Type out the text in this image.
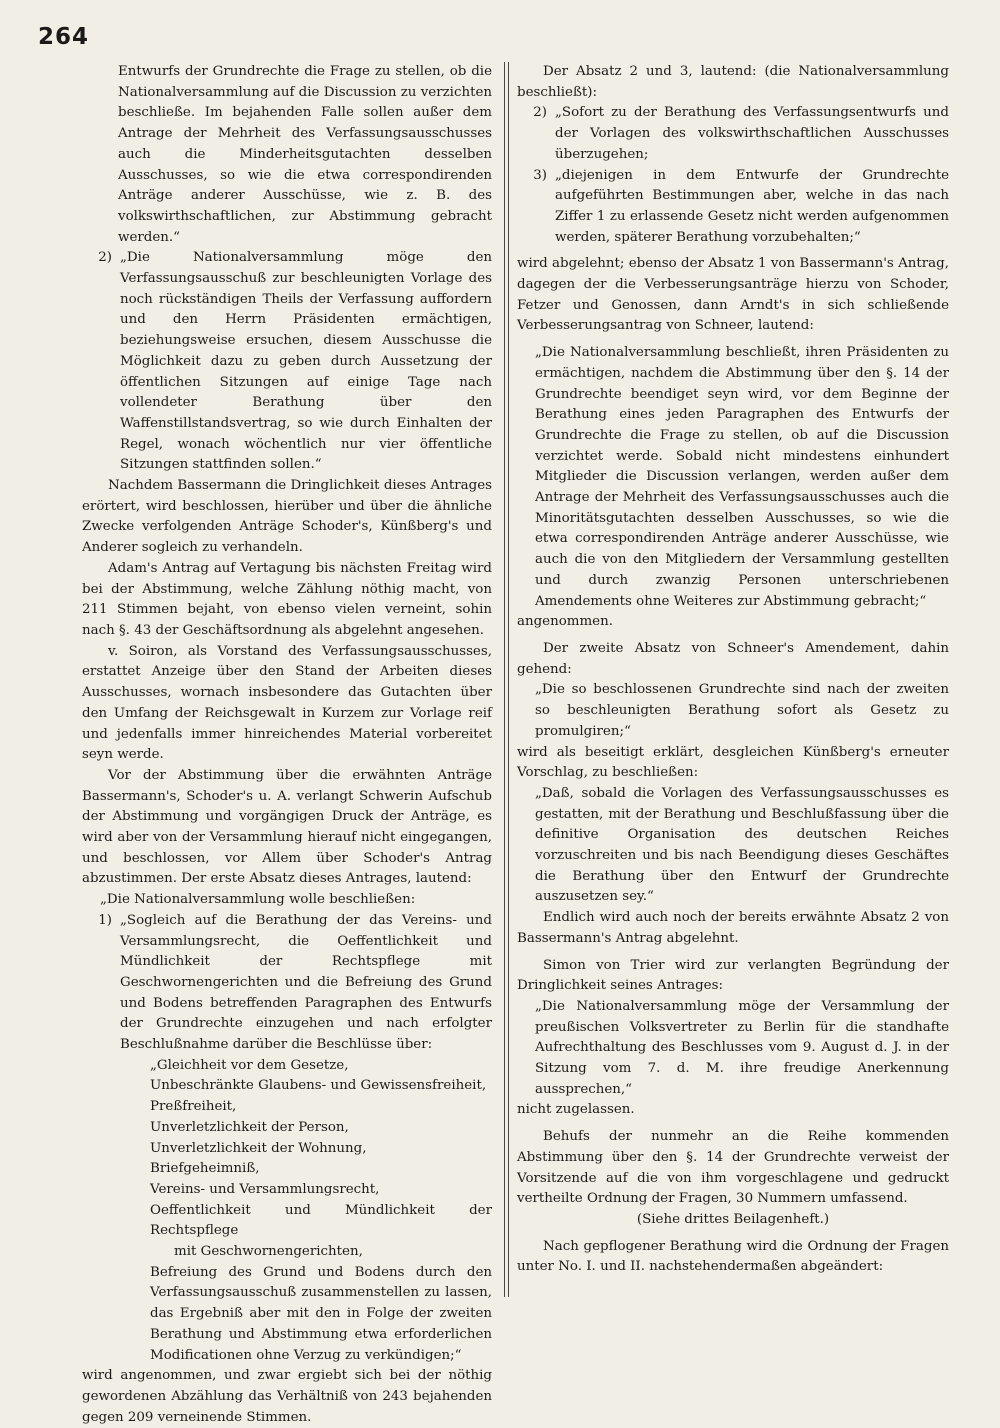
264

Entwurfs der Grundrechte die Frage zu stellen, ob die Nationalversammlung auf die Discussion zu verzichten beschließe. Im bejahenden Falle sollen außer dem Antrage der Mehrheit des Verfassungsausschusses auch die Minderheitsgutachten desselben Ausschusses, so wie die etwa correspondirenden Anträge anderer Ausschüsse, wie z. B. des volkswirthschaftlichen, zur Abstimmung gebracht werden.“

2) „Die Nationalversammlung möge den Verfassungsausschuß zur beschleunigten Vorlage des noch rückständigen Theils der Verfassung auffordern und den Herrn Präsidenten ermächtigen, beziehungsweise ersuchen, diesem Ausschusse die Möglichkeit dazu zu geben durch Aussetzung der öffentlichen Sitzungen auf einige Tage nach vollendeter Berathung über den Waffenstillstandsvertrag, so wie durch Einhalten der Regel, wonach wöchentlich nur vier öffentliche Sitzungen stattfinden sollen.“

Nachdem Bassermann die Dringlichkeit dieses Antrages erörtert, wird beschlossen, hierüber und über die ähnliche Zwecke verfolgenden Anträge Schoder's, Künßberg's und Anderer sogleich zu verhandeln.

Adam's Antrag auf Vertagung bis nächsten Freitag wird bei der Abstimmung, welche Zählung nöthig macht, von 211 Stimmen bejaht, von ebenso vielen verneint, sohin nach §. 43 der Geschäftsordnung als abgelehnt angesehen.

v. Soiron, als Vorstand des Verfassungsausschusses, erstattet Anzeige über den Stand der Arbeiten dieses Ausschusses, wornach insbesondere das Gutachten über den Umfang der Reichsgewalt in Kurzem zur Vorlage reif und jedenfalls immer hinreichendes Material vorbereitet seyn werde.

Vor der Abstimmung über die erwähnten Anträge Bassermann's, Schoder's u. A. verlangt Schwerin Aufschub der Abstimmung und vorgängigen Druck der Anträge, es wird aber von der Versammlung hierauf nicht eingegangen, und beschlossen, vor Allem über Schoder's Antrag abzustimmen. Der erste Absatz dieses Antrages, lautend:

„Die Nationalversammlung wolle beschließen:

1) „Sogleich auf die Berathung der das Vereins- und Versammlungsrecht, die Oeffentlichkeit und Mündlichkeit der Rechtspflege mit Geschwornengerichten und die Befreiung des Grund und Bodens betreffenden Paragraphen des Entwurfs der Grundrechte einzugehen und nach erfolgter Beschlußnahme darüber die Beschlüsse über:
„Gleichheit vor dem Gesetze,
Unbeschränkte Glaubens- und Gewissensfreiheit,
Preßfreiheit,
Unverletzlichkeit der Person,
Unverletzlichkeit der Wohnung,
Briefgeheimniß,
Vereins- und Versammlungsrecht,
Oeffentlichkeit und Mündlichkeit der Rechtspflege
mit Geschwornengerichten,
Befreiung des Grund und Bodens durch den Verfassungsausschuß zusammenstellen zu lassen, das Ergebniß aber mit den in Folge der zweiten Berathung und Abstimmung etwa erforderlichen Modificationen ohne Verzug zu verkündigen;“

wird angenommen, und zwar ergiebt sich bei der nöthig gewordenen Abzählung das Verhältniß von 243 bejahenden gegen 209 verneinende Stimmen.

Der Absatz 2 und 3, lautend: (die Nationalversammlung beschließt):

2) „Sofort zu der Berathung des Verfassungsentwurfs und der Vorlagen des volkswirthschaftlichen Ausschusses überzugehen;
3) „diejenigen in dem Entwurfe der Grundrechte aufgeführten Bestimmungen aber, welche in das nach Ziffer 1 zu erlassende Gesetz nicht werden aufgenommen werden, späterer Berathung vorzubehalten;“

wird abgelehnt; ebenso der Absatz 1 von Bassermann's Antrag, dagegen der die Verbesserungsanträge hierzu von Schoder, Fetzer und Genossen, dann Arndt's in sich schließende Verbesserungsantrag von Schneer, lautend:

„Die Nationalversammlung beschließt, ihren Präsidenten zu ermächtigen, nachdem die Abstimmung über den §. 14 der Grundrechte beendiget seyn wird, vor dem Beginne der Berathung eines jeden Paragraphen des Entwurfs der Grundrechte die Frage zu stellen, ob auf die Discussion verzichtet werde. Sobald nicht mindestens einhundert Mitglieder die Discussion verlangen, werden außer dem Antrage der Mehrheit des Verfassungsausschusses auch die Minoritätsgutachten desselben Ausschusses, so wie die etwa correspondirenden Anträge anderer Ausschüsse, wie auch die von den Mitgliedern der Versammlung gestellten und durch zwanzig Personen unterschriebenen Amendements ohne Weiteres zur Abstimmung gebracht;“

angenommen.

Der zweite Absatz von Schneer's Amendement, dahin gehend:

„Die so beschlossenen Grundrechte sind nach der zweiten so beschleunigten Berathung sofort als Gesetz zu promulgiren;“

wird als beseitigt erklärt, desgleichen Künßberg's erneuter Vorschlag, zu beschließen:

„Daß, sobald die Vorlagen des Verfassungsausschusses es gestatten, mit der Berathung und Beschlußfassung über die definitive Organisation des deutschen Reiches vorzuschreiten und bis nach Beendigung dieses Geschäftes die Berathung über den Entwurf der Grundrechte auszusetzen sey.“

Endlich wird auch noch der bereits erwähnte Absatz 2 von Bassermann's Antrag abgelehnt.

Simon von Trier wird zur verlangten Begründung der Dringlichkeit seines Antrages:

„Die Nationalversammlung möge der Versammlung der preußischen Volksvertreter zu Berlin für die standhafte Aufrechthaltung des Beschlusses vom 9. August d. J. in der Sitzung vom 7. d. M. ihre freudige Anerkennung aussprechen,“

nicht zugelassen.

Behufs der nunmehr an die Reihe kommenden Abstimmung über den §. 14 der Grundrechte verweist der Vorsitzende auf die von ihm vorgeschlagene und gedruckt vertheilte Ordnung der Fragen, 30 Nummern umfassend.

(Siehe drittes Beilagenheft.)

Nach gepflogener Berathung wird die Ordnung der Fragen unter No. I. und II. nachstehendermaßen abgeändert:
